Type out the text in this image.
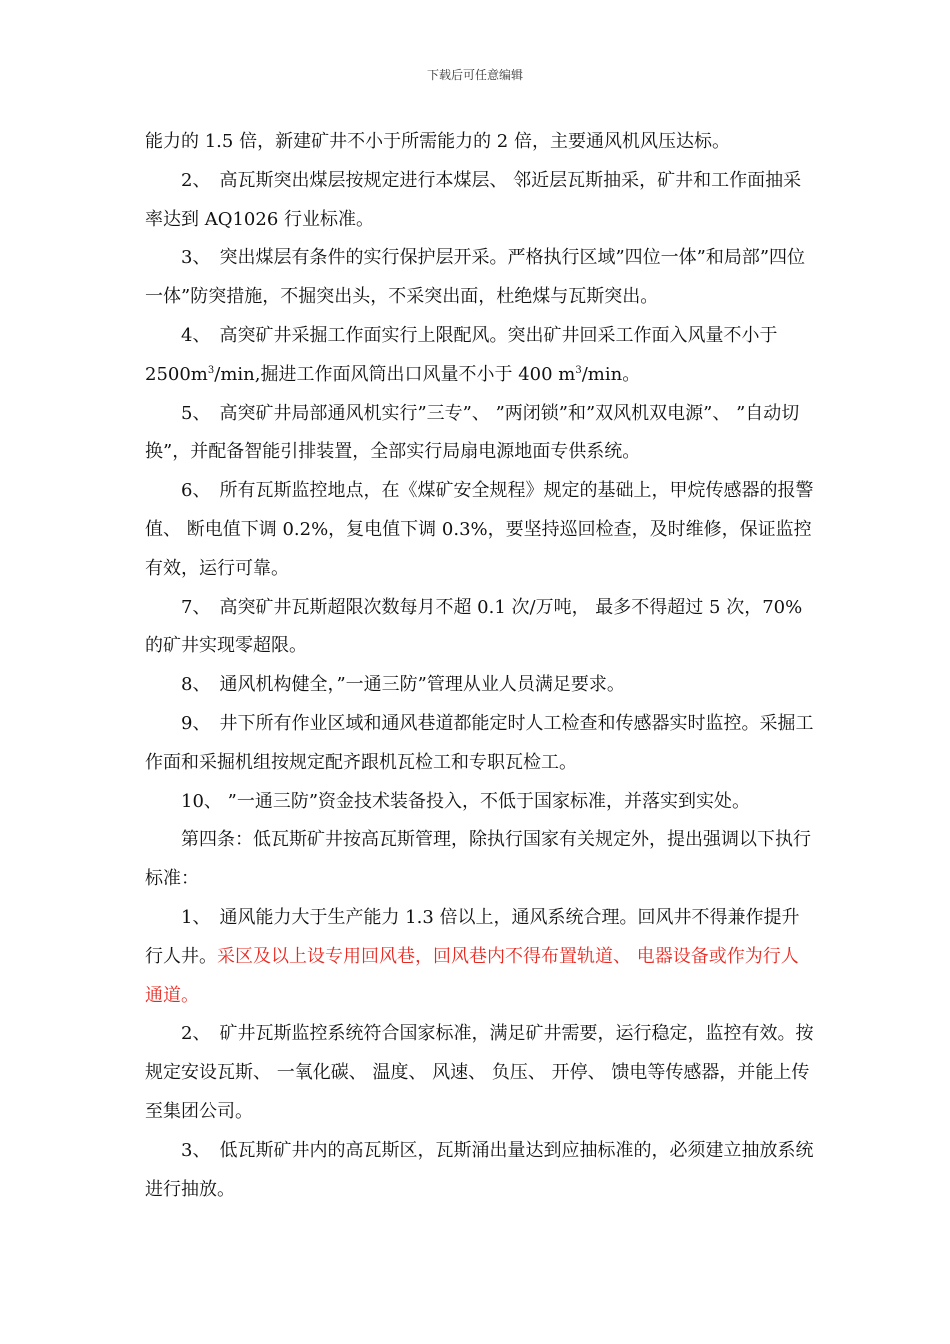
下载后可任意编辑

能力的 1.5 倍，新建矿井不小于所需能力的 2 倍，主要通风机风压达标。

2、　高瓦斯突出煤层按规定进行本煤层、 邻近层瓦斯抽采，矿井和工作面抽采率达到 AQ1026 行业标准。

3、　突出煤层有条件的实行保护层开采。严格执行区域”四位一体”和局部”四位一体”防突措施，不掘突出头，不采突出面，杜绝煤与瓦斯突出。

4、　高突矿井采掘工作面实行上限配风。突出矿井回采工作面入风量不小于 $2500m^3/\min$,掘进工作面风筒出口风量不小于 400 $m^3/\min$。

5、　高突矿井局部通风机实行”三专”、 ”两闭锁”和”双风机双电源”、 ”自动切换”，并配备智能引排装置，全部实行局扇电源地面专供系统。

6、　所有瓦斯监控地点，在《煤矿安全规程》规定的基础上，甲烷传感器的报警值、 断电值下调 0.2%，复电值下调 0.3%，要坚持巡回检查，及时维修，保证监控有效，运行可靠。

7、　高突矿井瓦斯超限次数每月不超 0.1 次/万吨， 最多不得超过 5 次，70%的矿井实现零超限。

8、　通风机构健全，”一通三防”管理从业人员满足要求。

9、　井下所有作业区域和通风巷道都能定时人工检查和传感器实时监控。采掘工作面和采掘机组按规定配齐跟机瓦检工和专职瓦检工。

10、 ”一通三防”资金技术装备投入，不低于国家标准，并落实到实处。

第四条：低瓦斯矿井按高瓦斯管理，除执行国家有关规定外，提出强调以下执行标准：

1、　通风能力大于生产能力 1.3 倍以上，通风系统合理。回风井不得兼作提升行人井。采区及以上设专用回风巷，回风巷内不得布置轨道、 电器设备或作为行人通道。

2、　矿井瓦斯监控系统符合国家标准，满足矿井需要，运行稳定，监控有效。按规定安设瓦斯、 一氧化碳、 温度、 风速、 负压、 开停、 馈电等传感器，并能上传至集团公司。

3、　低瓦斯矿井内的高瓦斯区，瓦斯涌出量达到应抽标准的，必须建立抽放系统进行抽放。
